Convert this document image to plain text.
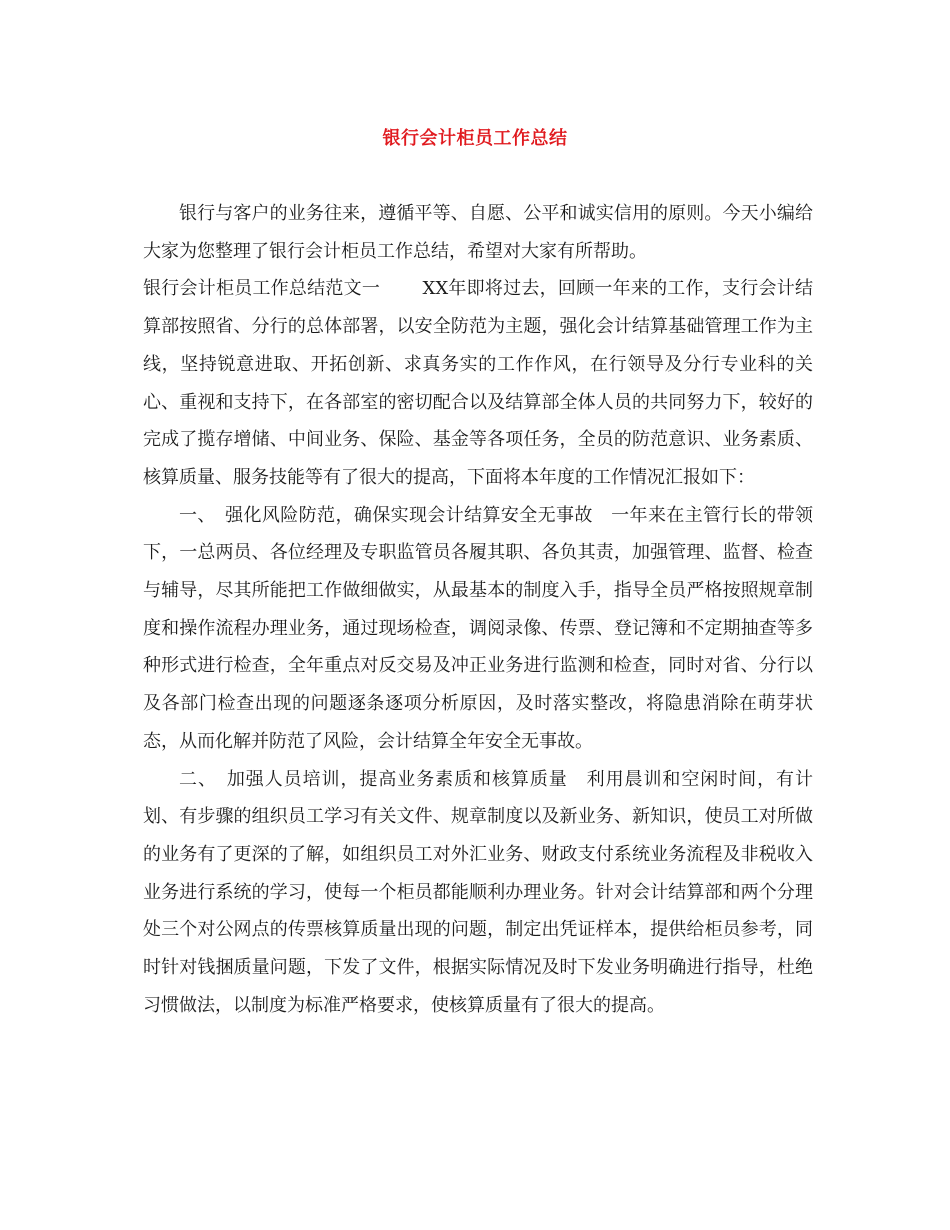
银行会计柜员工作总结

银行与客户的业务往来，遵循平等、自愿、公平和诚实信用的原则。今天小编给大家为您整理了银行会计柜员工作总结，希望对大家有所帮助。

银行会计柜员工作总结范文一　　 XX年即将过去，回顾一年来的工作，支行会计结算部按照省、分行的总体部署，以安全防范为主题，强化会计结算基础管理工作为主线，坚持锐意进取、开拓创新、求真务实的工作作风，在行领导及分行专业科的关心、重视和支持下，在各部室的密切配合以及结算部全体人员的共同努力下，较好的完成了揽存增储、中间业务、保险、基金等各项任务，全员的防范意识、业务素质、核算质量、服务技能等有了很大的提高，下面将本年度的工作情况汇报如下：

一、　强化风险防范，确保实现会计结算安全无事故　一年来在主管行长的带领下，一总两员、各位经理及专职监管员各履其职、各负其责，加强管理、监督、检查与辅导，尽其所能把工作做细做实，从最基本的制度入手，指导全员严格按照规章制度和操作流程办理业务，通过现场检查，调阅录像、传票、登记簿和不定期抽查等多种形式进行检查，全年重点对反交易及冲正业务进行监测和检查，同时对省、分行以及各部门检查出现的问题逐条逐项分析原因，及时落实整改，将隐患消除在萌芽状态，从而化解并防范了风险，会计结算全年安全无事故。

二、　加强人员培训，提高业务素质和核算质量　利用晨训和空闲时间，有计划、有步骤的组织员工学习有关文件、规章制度以及新业务、新知识，使员工对所做的业务有了更深的了解，如组织员工对外汇业务、财政支付系统业务流程及非税收入业务进行系统的学习，使每一个柜员都能顺利办理业务。针对会计结算部和两个分理处三个对公网点的传票核算质量出现的问题，制定出凭证样本，提供给柜员参考，同时针对钱捆质量问题，下发了文件，根据实际情况及时下发业务明确进行指导，杜绝习惯做法，以制度为标准严格要求，使核算质量有了很大的提高。
